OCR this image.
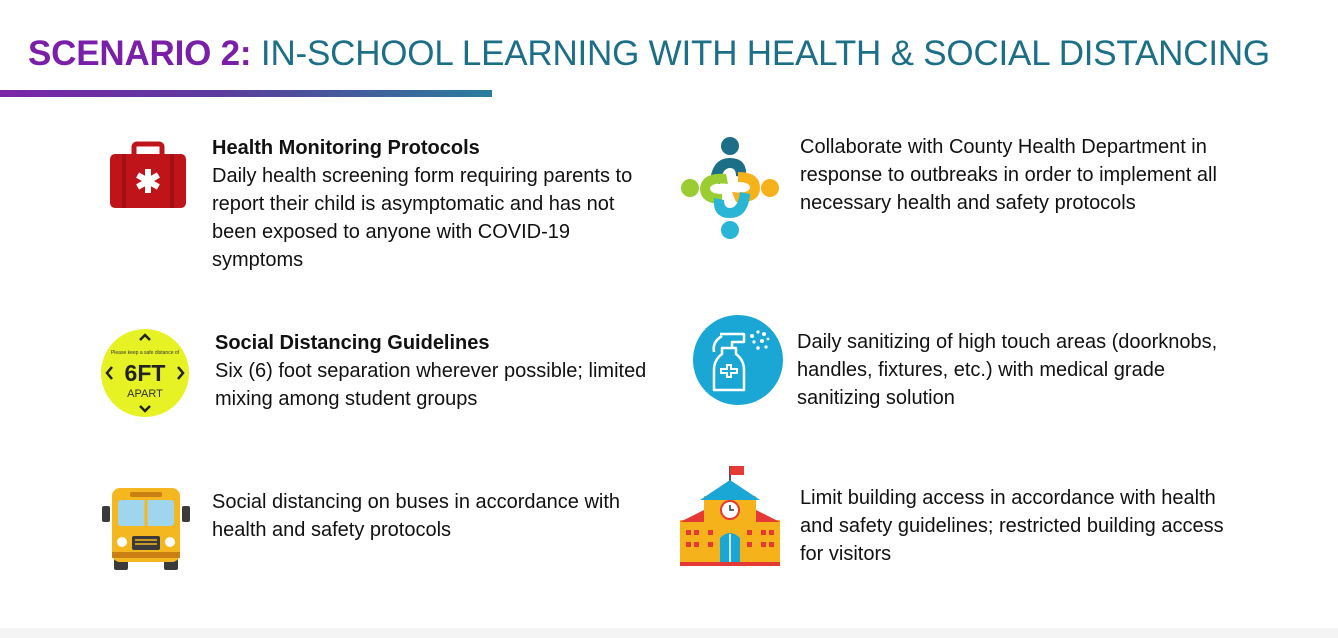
SCENARIO 2: IN-SCHOOL LEARNING WITH HEALTH & SOCIAL DISTANCING
Health Monitoring Protocols
Daily health screening form requiring parents to report their child is asymptomatic and has not been exposed to anyone with COVID-19 symptoms
Please keep a safe distance of
6FT
APART
Social Distancing Guidelines
Six (6) foot separation wherever possible; limited mixing among student groups
Social distancing on buses in accordance with health and safety protocols
Collaborate with County Health Department in response to outbreaks in order to implement all necessary health and safety protocols
Daily sanitizing of high touch areas (doorknobs, handles, fixtures, etc.) with medical grade sanitizing solution
Limit building access in accordance with health and safety guidelines; restricted building access for visitors
